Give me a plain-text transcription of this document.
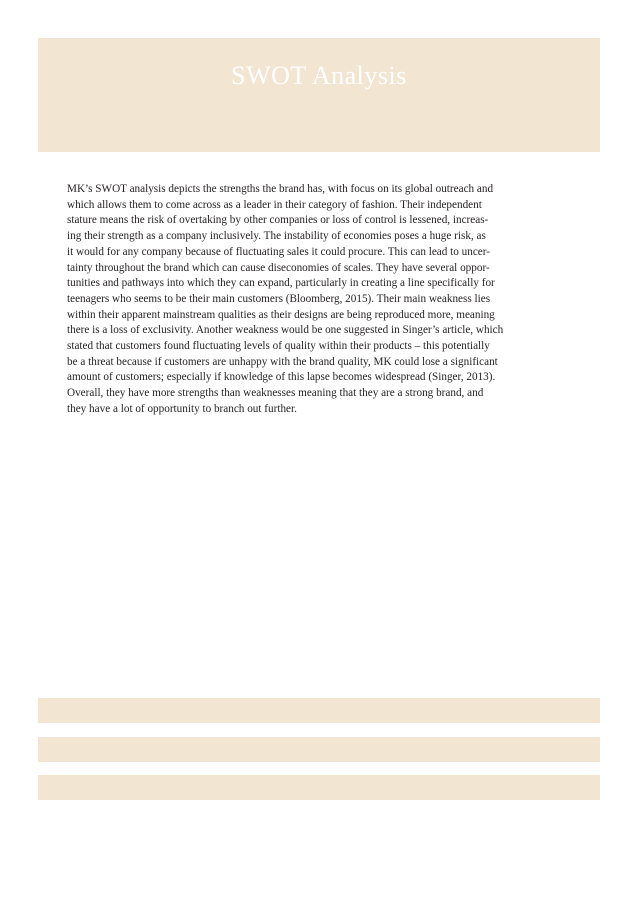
SWOT Analysis
MK’s SWOT analysis depicts the strengths the brand has, with focus on its global outreach and
which allows them to come across as a leader in their category of fashion. Their independent
stature means the risk of overtaking by other companies or loss of control is lessened, increas-
ing their strength as a company inclusively. The instability of economies poses a huge risk, as
it would for any company because of fluctuating sales it could procure. This can lead to uncer-
tainty throughout the brand which can cause diseconomies of scales. They have several oppor-
tunities and pathways into which they can expand, particularly in creating a line specifically for
teenagers who seems to be their main customers (Bloomberg, 2015). Their main weakness lies
within their apparent mainstream qualities as their designs are being reproduced more, meaning
there is a loss of exclusivity. Another weakness would be one suggested in Singer’s article, which
stated that customers found fluctuating levels of quality within their products – this potentially
be a threat because if customers are unhappy with the brand quality, MK could lose a significant
amount of customers; especially if knowledge of this lapse becomes widespread (Singer, 2013).
Overall, they have more strengths than weaknesses meaning that they are a strong brand, and
they have a lot of opportunity to branch out further.
